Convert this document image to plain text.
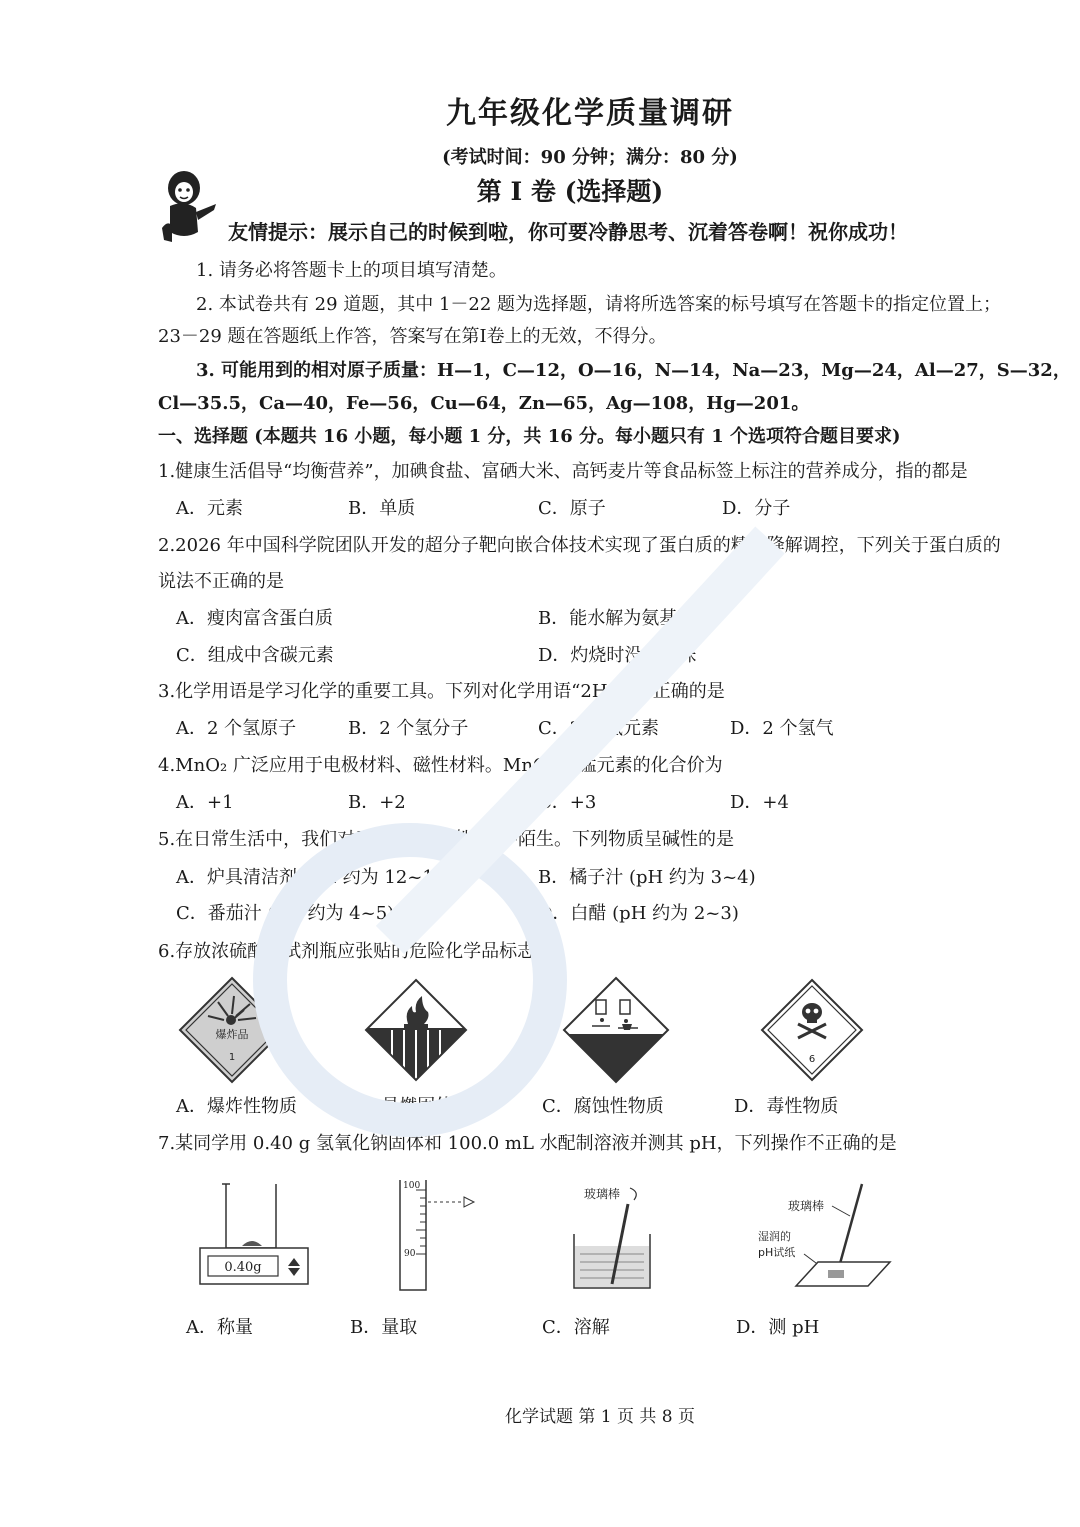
九年级化学质量调研
(考试时间：90 分钟；满分：80 分)
第 I 卷 (选择题)
友情提示：展示自己的时候到啦，你可要冷静思考、沉着答卷啊！祝你成功！
1. 请务必将答题卡上的项目填写清楚。
2. 本试卷共有 29 道题，其中 1－22 题为选择题，请将所选答案的标号填写在答题卡的指定位置上；
23－29 题在答题纸上作答，答案写在第I卷上的无效，不得分。
3. 可能用到的相对原子质量：H—1，C—12，O—16，N—14，Na—23，Mg—24，Al—27，S—32，
Cl—35.5，Ca—40，Fe—56，Cu—64，Zn—65，Ag—108，Hg—201。
一、选择题 (本题共 16 小题，每小题 1 分，共 16 分。每小题只有 1 个选项符合题目要求)
1.健康生活倡导“均衡营养”，加碘食盐、富硒大米、高钙麦片等食品标签上标注的营养成分，指的都是
A．元素	B．单质	C．原子	D．分子
2.2026 年中国科学院团队开发的超分子靶向嵌合体技术实现了蛋白质的精准降解调控，下列关于蛋白质的
说法不正确的是
A．瘦肉富含蛋白质	B．能水解为氨基酸
C．组成中含碳元素	D．灼烧时没有气味
3.化学用语是学习化学的重要工具。下列对化学用语“2H”理解正确的是
A．2 个氢原子	B．2 个氢分子	C．2 个氢元素	D．2 个氢气
4.MnO₂ 广泛应用于电极材料、磁性材料。MnO₂ 中锰元素的化合价为
A．+1	B．+2	C．+3	D．+4
5.在日常生活中，我们对于“酸性”“碱性”并不陌生。下列物质呈碱性的是
A．炉具清洁剂 (pH 约为 12~13)	B．橘子汁 (pH 约为 3~4)
C．番茄汁 (pH 约为 4~5)	D．白醋 (pH 约为 2~3)
6.存放浓硫酸的试剂瓶应张贴的危险化学品标志是
爆炸品
1	6
A．爆炸性物质	B．易燃固体	C．腐蚀性物质	D．毒性物质
7.某同学用 0.40 g 氢氧化钠固体和 100.0 mL 水配制溶液并测其 pH，下列操作不正确的是
0.40g
100
90
玻璃棒
玻璃棒
湿润的
pH试纸
A．称量	B．量取	C．溶解	D．测 pH
化学试题 第 1 页 共 8 页
